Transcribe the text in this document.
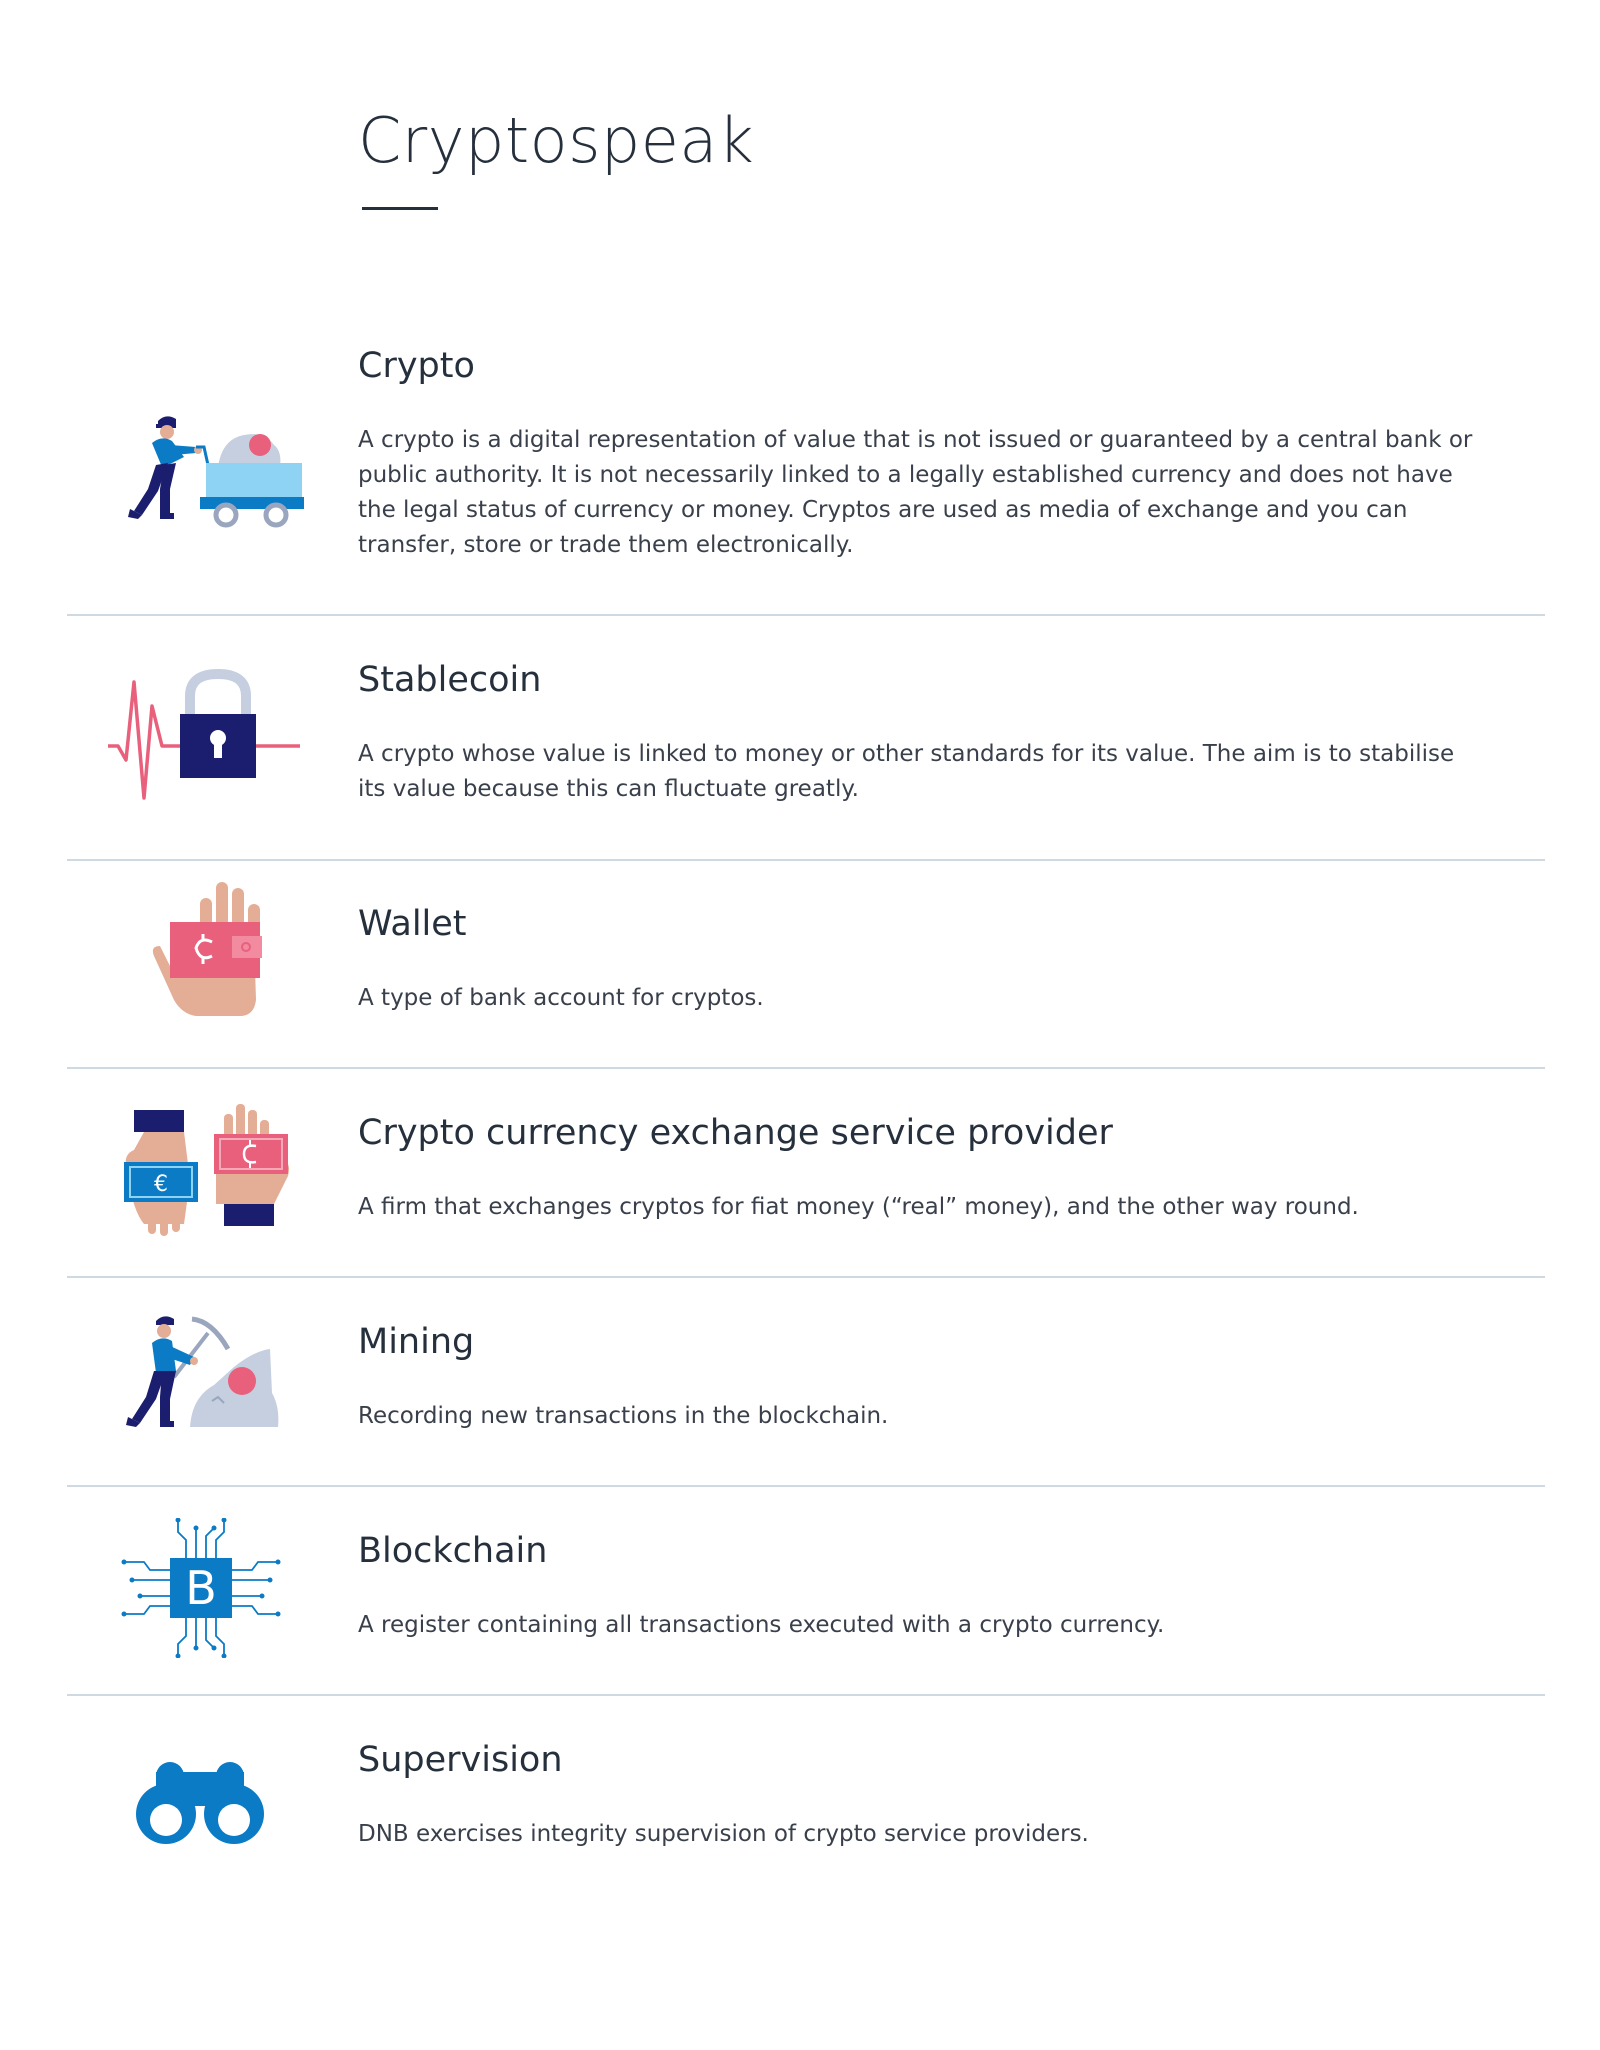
Cryptospeak
Crypto

A crypto is a digital representation of value that is not issued or guaranteed by a central bank or public authority. It is not necessarily linked to a legally established currency and does not have the legal status of currency or money. Cryptos are used as media of exchange and you can transfer, store or trade them electronically.

Stablecoin

A crypto whose value is linked to money or other standards for its value. The aim is to stabilise its value because this can fluctuate greatly.

Wallet

A type of bank account for cryptos.

€
Crypto currency exchange service provider

A firm that exchanges cryptos for fiat money (“real” money), and the other way round.

Mining

Recording new transactions in the blockchain.

B
Blockchain

A register containing all transactions executed with a crypto currency.

Supervision

DNB exercises integrity supervision of crypto service providers.
